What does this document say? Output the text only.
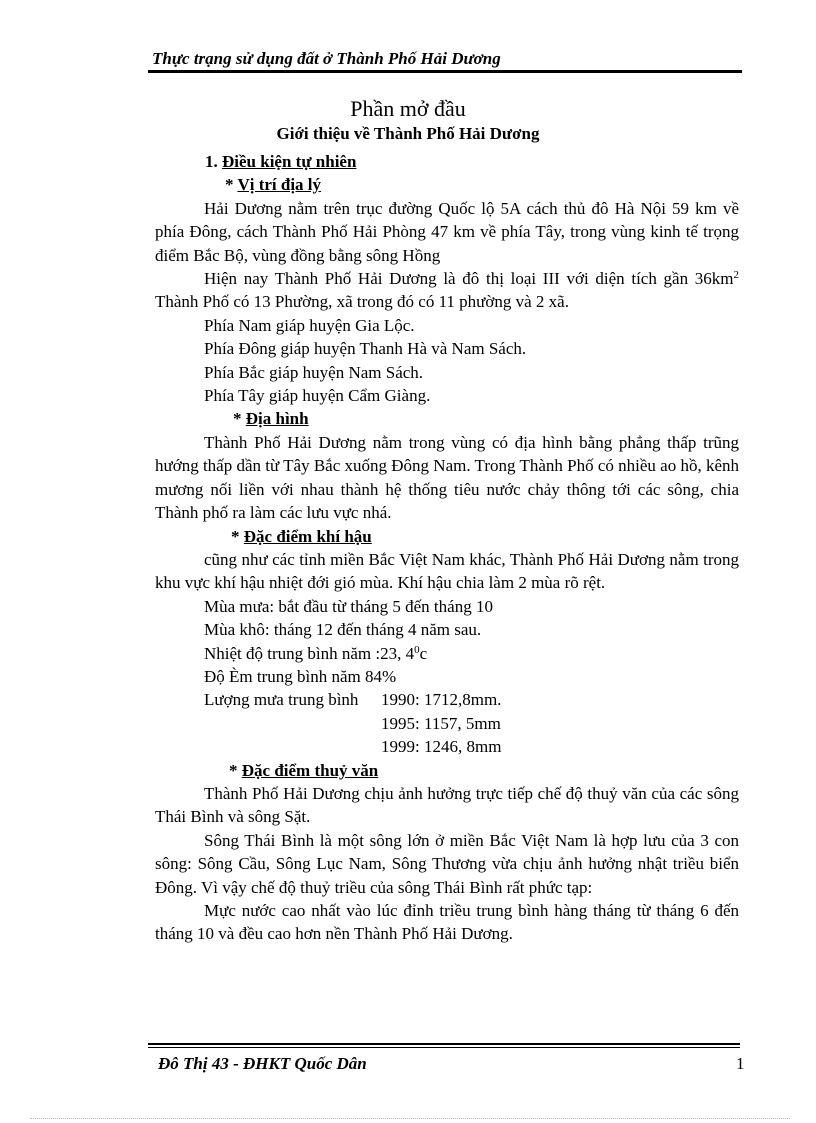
Thực trạng sử dụng đất ở Thành Phố Hải Dương
Phần mở đầu
Giới thiệu về Thành Phố Hải Dương

1. Điều kiện tự nhiên

* Vị trí địa lý

Hải Dương nằm trên trục đường Quốc lộ 5A cách thủ đô Hà Nội 59 km về phía Đông, cách Thành Phố Hải Phòng 47 km về phía Tây, trong vùng kinh tế trọng điểm Bắc Bộ, vùng đồng bằng sông Hồng

Hiện nay Thành Phố Hải Dương là đô thị loại III với diện tích gần $36km^2$ Thành Phố có 13 Phường, xã trong đó có 11 phường và 2 xã.

Phía Nam giáp huyện Gia Lộc.

Phía Đông giáp huyện Thanh Hà và Nam Sách.

Phía Bắc giáp huyện Nam Sách.

Phía Tây giáp huyện Cẩm Giàng.

* Địa hình

Thành Phố Hải Dương nằm trong vùng có địa hình bằng phẳng thấp trũng hướng thấp dần từ Tây Bắc xuống Đông Nam. Trong Thành Phố có nhiều ao hồ, kênh mương nối liền với nhau thành hệ thống tiêu nước chảy thông tới các sông, chia Thành phố ra làm các lưu vực nhá.

* Đặc điểm khí hậu

cũng như các tỉnh miền Bắc Việt Nam khác, Thành Phố Hải Dương nằm trong khu vực khí hậu nhiệt đới gió mùa. Khí hậu chia làm 2 mùa rõ rệt.

Mùa mưa: bắt đầu từ tháng 5 đến tháng 10

Mùa khô: tháng 12 đến tháng 4 năm sau.

Nhiệt độ trung bình năm :23, $4^0c$

Độ Èm trung bình năm 84%

Lượng mưa trung bình	1990: 1712,8mm.
1995: 1157, 5mm
1999: 1246, 8mm

* Đặc điểm thuỷ văn

Thành Phố Hải Dương chịu ảnh hưởng trực tiếp chế độ thuỷ văn của các sông Thái Bình và sông Sặt.

Sông Thái Bình là một sông lớn ở miền Bắc Việt Nam là hợp lưu của 3 con sông: Sông Cầu, Sông Lục Nam, Sông Thương vừa chịu ảnh hưởng nhật triều biển Đông. Vì vậy chế độ thuỷ triều của sông Thái Bình rất phức tạp:

Mực nước cao nhất vào lúc đỉnh triều trung bình hàng tháng từ tháng 6 đến tháng 10 và đều cao hơn nền Thành Phố Hải Dương.

Đô Thị 43 - ĐHKT Quốc Dân	1
